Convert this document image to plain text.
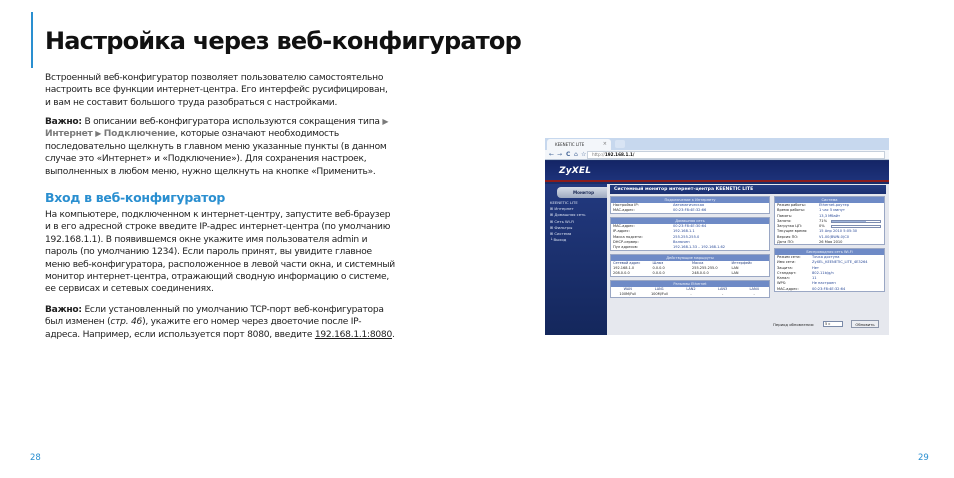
Настройка через веб-конфигуратор
Встроенный веб-конфигуратор позволяет пользователю самостоятельно настроить все функции интернет-центра. Его интерфейс русифицирован, и вам не составит большого труда разобраться с настройками.
Важно: В описании веб-конфигуратора используются сокращения типа ▶ Интернет ▶ Подключение, которые означают необходимость последовательно щелкнуть в главном меню указанные пункты (в данном случае это «Интернет» и «Подключение»). Для сохранения настроек, выполненных в любом меню, нужно щелкнуть на кнопке «Применить».
Вход в веб-конфигуратор
На компьютере, подключенном к интернет-центру, запустите веб-браузер и в его адресной строке введите IP-адрес интернет-центра (по умолчанию 192.168.1.1). В появившемся окне укажите имя пользователя admin и пароль (по умолчанию 1234). Если пароль принят, вы увидите главное меню веб-конфигуратора, расположенное в левой части окна, и системный монитор интернет-центра, отражающий сводную информацию о системе, ее сервисах и сетевых соединениях.
Важно: Если установленный по умолчанию TCP-порт веб-конфигуратора был изменен (стр. 46), укажите его номер через двоеточие после IP-адреса. Например, если используется порт 8080, введите 192.168.1.1:8080.
28	29
KEENETIC LITE	×
← → C ⌂ ☆	http://192.168.1.1/
ZyXEL
Монитор
KEENETIC LITE
⊞ Интернет
⊞ Домашняя сеть
⊞ Сеть Wi-Fi
⊞ Фильтры
⊞ Система
└ Выход
Системный монитор интернет-центра KEENETIC LITE
Подключение к Интернету
Настройка IP:	Автоматическая
MAC-адрес:	00:23:F8:4E:32:66
Домашняя сеть
MAC-адрес:	00:23:F8:4E:30:64
IP-адрес:	192.168.1.1
Маска подсети:	255.255.255.0
DHCP-сервер:	Включен
Пул адресов:	192.168.1.33 – 192.168.1.62
Действующие маршруты
Сетевой адрес	Шлюз	Маска	Интерфейс
192.168.1.0	0.0.0.0	255.255.255.0	LAN
208.0.0.0	0.0.0.0	248.0.0.0	LAN
Разъемы Ethernet
WAN	LAN1	LAN2	LAN3	LAN4
100M/Full	100M/Full	-	-	-
Система
Режим работы:	Ethernet-роутер
Время работы:	1 час 5 минут
Память:	13,3 Мбайт
Занято:	71%
Загрузка ЦП:	0%
Текущее время:	15 Апр 2010 5:05:30
Версия ПО:	V1.00(BWN.0)C0
Дата ПО:	26 Мая 2010
Беспроводная сеть Wi-Fi
Режим сети:	Точка доступа
Имя сети:	ZyXEL_KEENETIC_LITE_4E3264
Защита:	Нет
Стандарт:	802.11b/g/n
Канал:	11
WPS:	Не настроен
MAC-адрес:	00:23:F8:4E:32:64
Период обновления:	5 с	Обновить
